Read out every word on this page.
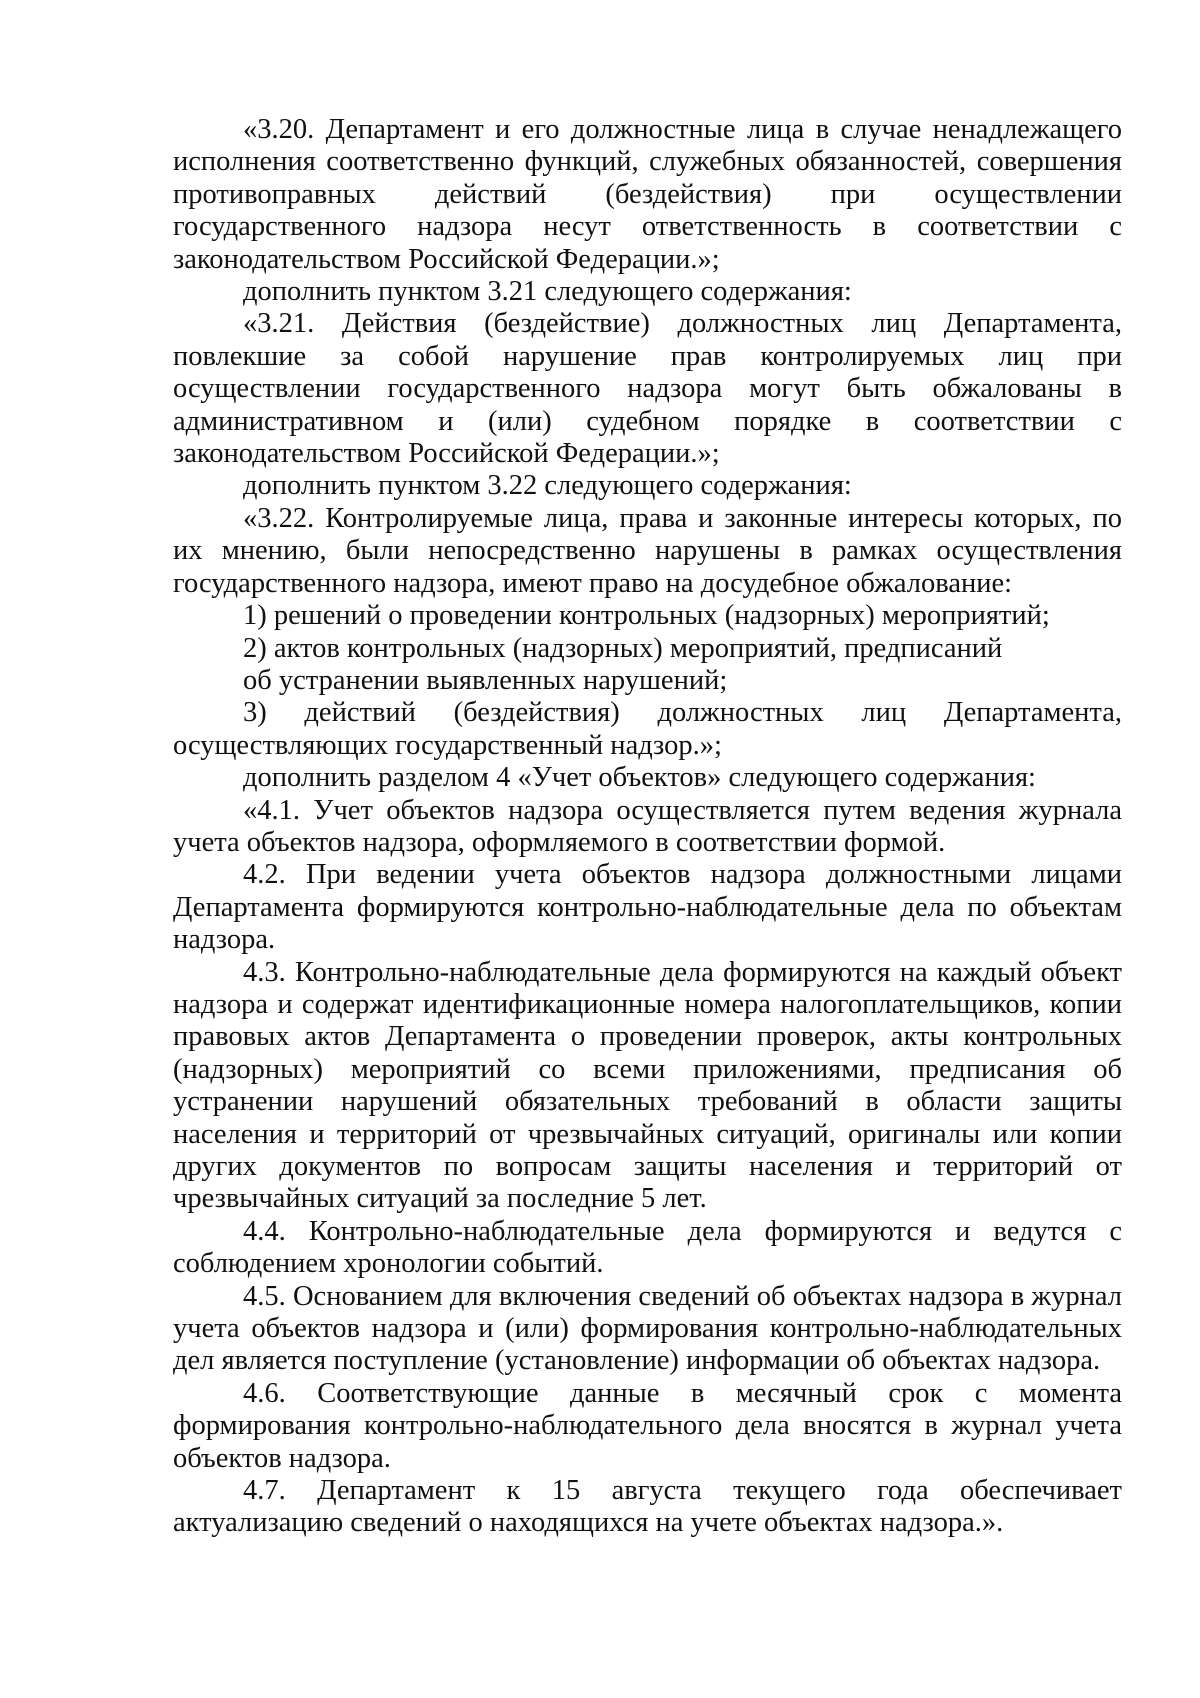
«3.20. Департамент и его должностные лица в случае ненадлежащего исполнения соответственно функций, служебных обязанностей, совершения противоправных действий (бездействия) при осуществлении государственного надзора несут ответственность в соответствии с законодательством Российской Федерации.»;

дополнить пунктом 3.21 следующего содержания:

«3.21. Действия (бездействие) должностных лиц Департамента, повлекшие за собой нарушение прав контролируемых лиц при осуществлении государственного надзора могут быть обжалованы в административном и (или) судебном порядке в соответствии с законодательством Российской Федерации.»;

дополнить пунктом 3.22 следующего содержания:

«3.22. Контролируемые лица, права и законные интересы которых, по их мнению, были непосредственно нарушены в рамках осуществления государственного надзора, имеют право на досудебное обжалование:

1) решений о проведении контрольных (надзорных) мероприятий;

2) актов контрольных (надзорных) мероприятий, предписаний

об устранении выявленных нарушений;

3) действий (бездействия) должностных лиц Департамента, осуществляющих государственный надзор.»;

дополнить разделом 4 «Учет объектов» следующего содержания:

«4.1. Учет объектов надзора осуществляется путем ведения журнала учета объектов надзора, оформляемого в соответствии формой.

4.2. При ведении учета объектов надзора должностными лицами Департамента формируются контрольно-наблюдательные дела по объектам надзора.

4.3. Контрольно-наблюдательные дела формируются на каждый объект надзора и содержат идентификационные номера налогоплательщиков, копии правовых актов Департамента о проведении проверок, акты контрольных (надзорных) мероприятий со всеми приложениями, предписания об устранении нарушений обязательных требований в области защиты населения и территорий от чрезвычайных ситуаций, оригиналы или копии других документов по вопросам защиты населения и территорий от чрезвычайных ситуаций за последние 5 лет.

4.4. Контрольно-наблюдательные дела формируются и ведутся с соблюдением хронологии событий.

4.5. Основанием для включения сведений об объектах надзора в журнал учета объектов надзора и (или) формирования контрольно-наблюдательных дел является поступление (установление) информации об объектах надзора.

4.6. Соответствующие данные в месячный срок с момента формирования контрольно-наблюдательного дела вносятся в журнал учета объектов надзора.

4.7. Департамент к 15 августа текущего года обеспечивает актуализацию сведений о находящихся на учете объектах надзора.».
